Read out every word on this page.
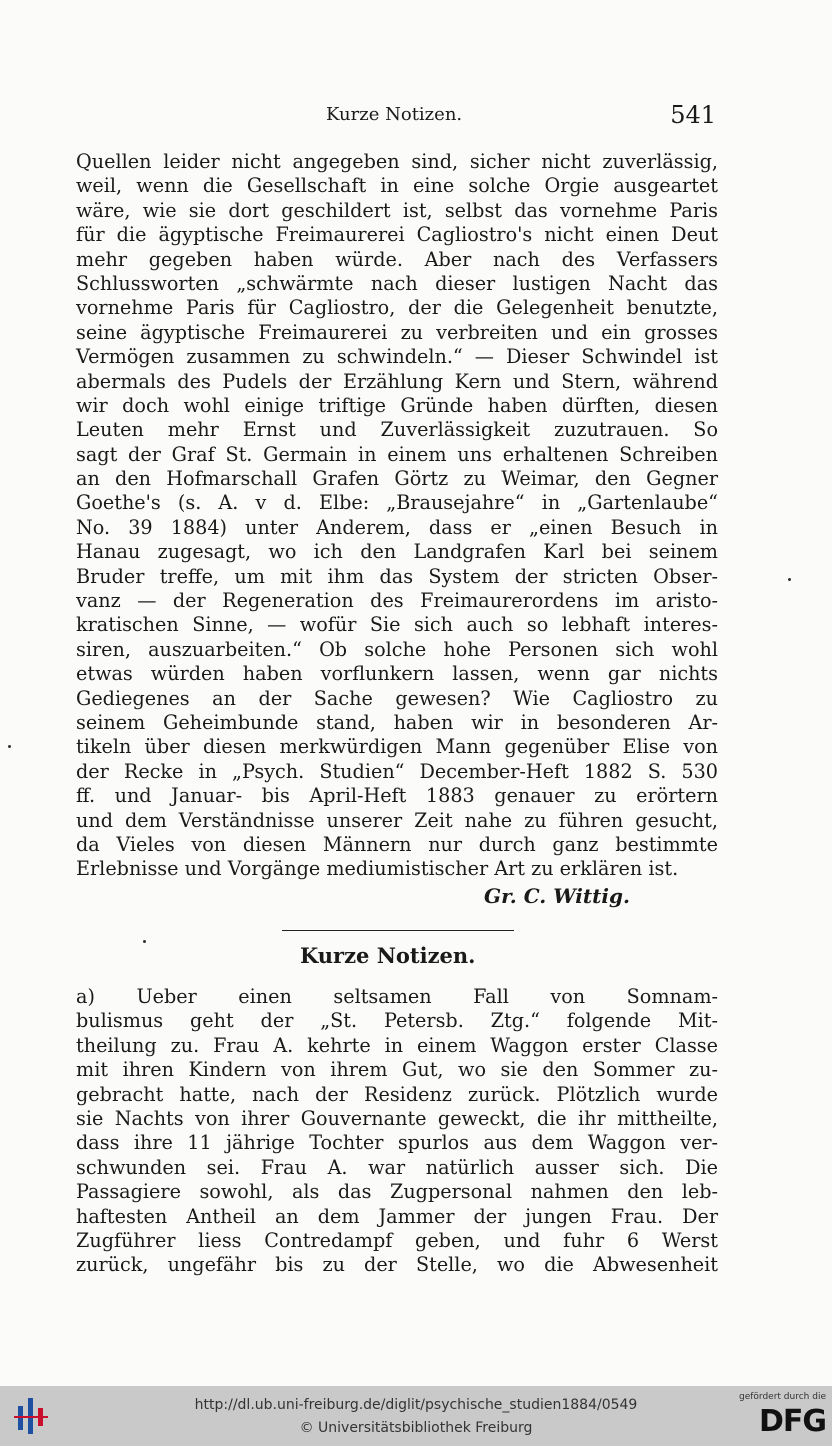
Kurze Notizen.	541
Quellen leider nicht angegeben sind, sicher nicht zuverlässig,
weil, wenn die Gesellschaft in eine solche Orgie ausgeartet
wäre, wie sie dort geschildert ist, selbst das vornehme Paris
für die ägyptische Freimaurerei Cagliostro's nicht einen Deut
mehr gegeben haben würde. Aber nach des Verfassers
Schlussworten „schwärmte nach dieser lustigen Nacht das
vornehme Paris für Cagliostro, der die Gelegenheit benutzte,
seine ägyptische Freimaurerei zu verbreiten und ein grosses
Vermögen zusammen zu schwindeln.“ — Dieser Schwindel ist
abermals des Pudels der Erzählung Kern und Stern, während
wir doch wohl einige triftige Gründe haben dürften, diesen
Leuten mehr Ernst und Zuverlässigkeit zuzutrauen. So
sagt der Graf St. Germain in einem uns erhaltenen Schreiben
an den Hofmarschall Grafen Görtz zu Weimar, den Gegner
Goethe's (s. A. v d. Elbe: „Brausejahre“ in „Gartenlaube“
No. 39 1884) unter Anderem, dass er „einen Besuch in
Hanau zugesagt, wo ich den Landgrafen Karl bei seinem
Bruder treffe, um mit ihm das System der stricten Obser-
vanz — der Regeneration des Freimaurerordens im aristo-
kratischen Sinne, — wofür Sie sich auch so lebhaft interes-
siren, auszuarbeiten.“ Ob solche hohe Personen sich wohl
etwas würden haben vorflunkern lassen, wenn gar nichts
Gediegenes an der Sache gewesen? Wie Cagliostro zu
seinem Geheimbunde stand, haben wir in besonderen Ar-
tikeln über diesen merkwürdigen Mann gegenüber Elise von
der Recke in „Psych. Studien“ December-Heft 1882 S. 530
ff. und Januar- bis April-Heft 1883 genauer zu erörtern
und dem Verständnisse unserer Zeit nahe zu führen gesucht,
da Vieles von diesen Männern nur durch ganz bestimmte
Erlebnisse und Vorgänge mediumistischer Art zu erklären ist.
Gr. C. Wittig.
Kurze Notizen.
a) Ueber einen seltsamen Fall von Somnam-
bulismus geht der „St. Petersb. Ztg.“ folgende Mit-
theilung zu. Frau A. kehrte in einem Waggon erster Classe
mit ihren Kindern von ihrem Gut, wo sie den Sommer zu-
gebracht hatte, nach der Residenz zurück. Plötzlich wurde
sie Nachts von ihrer Gouvernante geweckt, die ihr mittheilte,
dass ihre 11 jährige Tochter spurlos aus dem Waggon ver-
schwunden sei. Frau A. war natürlich ausser sich. Die
Passagiere sowohl, als das Zugpersonal nahmen den leb-
haftesten Antheil an dem Jammer der jungen Frau. Der
Zugführer liess Contredampf geben, und fuhr 6 Werst
zurück, ungefähr bis zu der Stelle, wo die Abwesenheit
http://dl.ub.uni-freiburg.de/diglit/psychische_studien1884/0549
© Universitätsbibliothek Freiburg
gefördert durch die
DFG
